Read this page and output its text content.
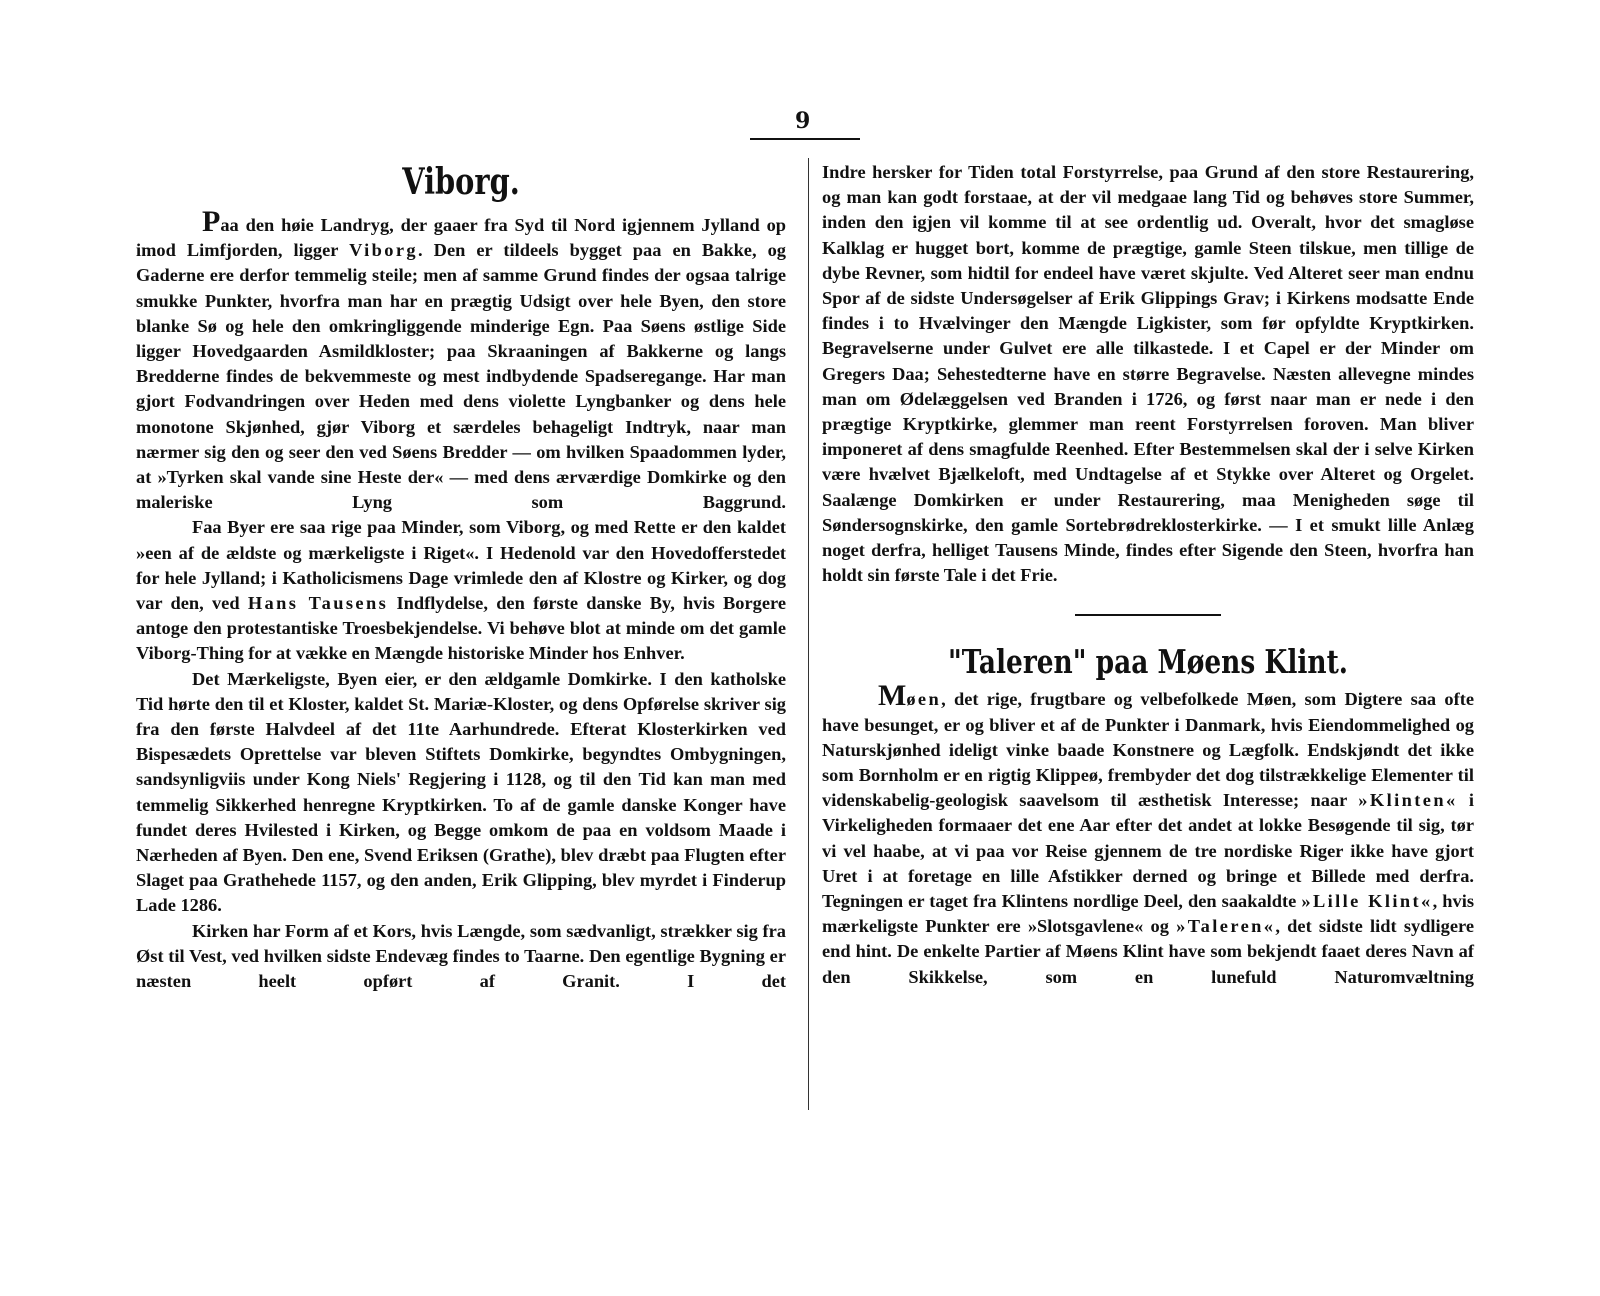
9
Viborg.

Paa den høie Landryg, der gaaer fra Syd til Nord igjennem Jylland op imod Limfjorden, ligger Viborg. Den er tildeels bygget paa en Bakke, og Gaderne ere derfor temmelig steile; men af samme Grund findes der ogsaa talrige smukke Punkter, hvorfra man har en prægtig Udsigt over hele Byen, den store blanke Sø og hele den omkringliggende minderige Egn. Paa Søens østlige Side ligger Hovedgaarden Asmildkloster; paa Skraaningen af Bakkerne og langs Bredderne findes de bekvemmeste og mest indbydende Spadseregange. Har man gjort Fodvandringen over Heden med dens violette Lyngbanker og dens hele monotone Skjønhed, gjør Viborg et særdeles behageligt Indtryk, naar man nærmer sig den og seer den ved Søens Bredder — om hvilken Spaadommen lyder, at »Tyrken skal vande sine Heste der« — med dens ærværdige Domkirke og den maleriske Lyng som Baggrund.

Faa Byer ere saa rige paa Minder, som Viborg, og med Rette er den kaldet »een af de ældste og mærkeligste i Riget«. I Hedenold var den Hovedofferstedet for hele Jylland; i Katholicismens Dage vrimlede den af Klostre og Kirker, og dog var den, ved Hans Tausens Indflydelse, den første danske By, hvis Borgere antoge den protestantiske Troesbekjendelse. Vi behøve blot at minde om det gamle Viborg-Thing for at vække en Mængde historiske Minder hos Enhver.

Det Mærkeligste, Byen eier, er den ældgamle Domkirke. I den katholske Tid hørte den til et Kloster, kaldet St. Mariæ-Kloster, og dens Opførelse skriver sig fra den første Halvdeel af det 11te Aarhundrede. Efterat Klosterkirken ved Bispesædets Oprettelse var bleven Stiftets Domkirke, begyndtes Ombygningen, sandsynligviis under Kong Niels' Regjering i 1128, og til den Tid kan man med temmelig Sikkerhed henregne Kryptkirken. To af de gamle danske Konger have fundet deres Hvilested i Kirken, og Begge omkom de paa en voldsom Maade i Nærheden af Byen. Den ene, Svend Eriksen (Grathe), blev dræbt paa Flugten efter Slaget paa Grathehede 1157, og den anden, Erik Glipping, blev myrdet i Finderup Lade 1286.

Kirken har Form af et Kors, hvis Længde, som sædvanligt, strækker sig fra Øst til Vest, ved hvilken sidste Endevæg findes to Taarne. Den egentlige Bygning er næsten heelt opført af Granit. I det

Indre hersker for Tiden total Forstyrrelse, paa Grund af den store Restaurering, og man kan godt forstaae, at der vil medgaae lang Tid og behøves store Summer, inden den igjen vil komme til at see ordentlig ud. Overalt, hvor det smagløse Kalklag er hugget bort, komme de prægtige, gamle Steen tilskue, men tillige de dybe Revner, som hidtil for endeel have været skjulte. Ved Alteret seer man endnu Spor af de sidste Undersøgelser af Erik Glippings Grav; i Kirkens modsatte Ende findes i to Hvælvinger den Mængde Ligkister, som før opfyldte Kryptkirken. Begravelserne under Gulvet ere alle tilkastede. I et Capel er der Minder om Gregers Daa; Sehestedterne have en større Begravelse. Næsten allevegne mindes man om Ødelæggelsen ved Branden i 1726, og først naar man er nede i den prægtige Kryptkirke, glemmer man reent Forstyrrelsen foroven. Man bliver imponeret af dens smagfulde Reenhed. Efter Bestemmelsen skal der i selve Kirken være hvælvet Bjælkeloft, med Undtagelse af et Stykke over Alteret og Orgelet. Saalænge Domkirken er under Restaurering, maa Menigheden søge til Søndersognskirke, den gamle Sortebrødreklosterkirke. — I et smukt lille Anlæg noget derfra, helliget Tausens Minde, findes efter Sigende den Steen, hvorfra han holdt sin første Tale i det Frie.

"Taleren" paa Møens Klint.

Møen, det rige, frugtbare og velbefolkede Møen, som Digtere saa ofte have besunget, er og bliver et af de Punkter i Danmark, hvis Eiendommelighed og Naturskjønhed ideligt vinke baade Konstnere og Lægfolk. Endskjøndt det ikke som Bornholm er en rigtig Klippeø, frembyder det dog tilstrækkelige Elementer til videnskabelig-geologisk saavelsom til æsthetisk Interesse; naar »Klinten« i Virkeligheden formaaer det ene Aar efter det andet at lokke Besøgende til sig, tør vi vel haabe, at vi paa vor Reise gjennem de tre nordiske Riger ikke have gjort Uret i at foretage en lille Afstikker derned og bringe et Billede med derfra. Tegningen er taget fra Klintens nordlige Deel, den saakaldte »Lille Klint«, hvis mærkeligste Punkter ere »Slotsgavlene« og »Taleren«, det sidste lidt sydligere end hint. De enkelte Partier af Møens Klint have som bekjendt faaet deres Navn af den Skikkelse, som en lunefuld Naturomvæltning
